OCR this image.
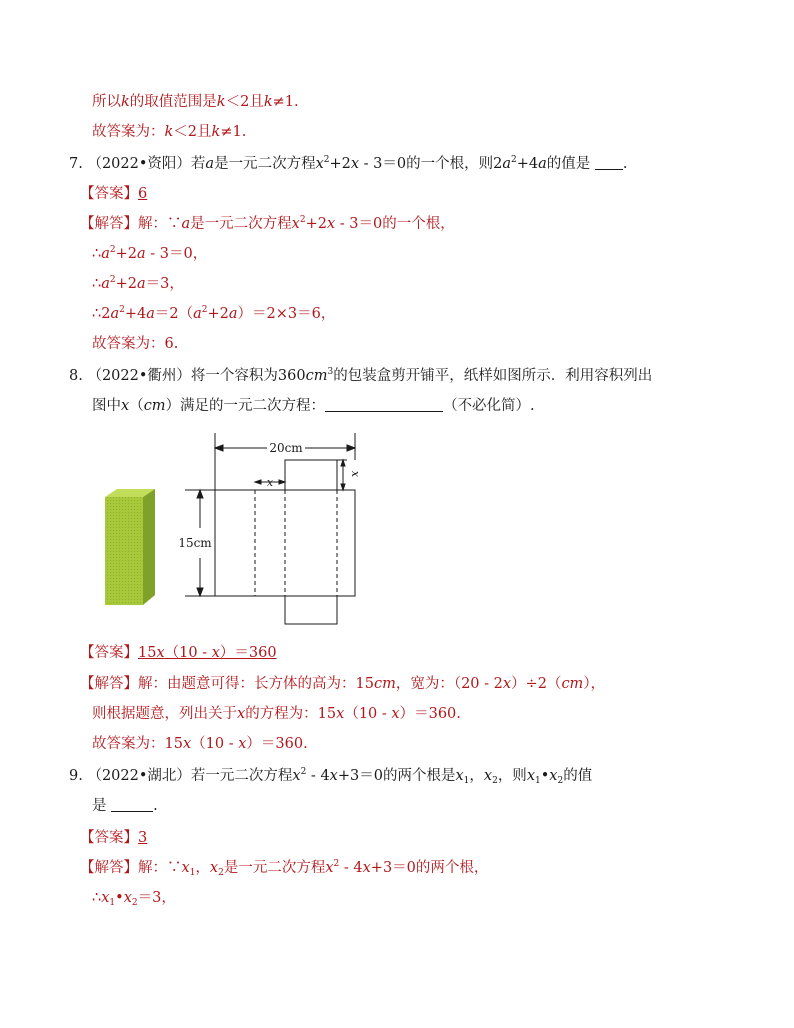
所以k的取值范围是k＜2且k≠1.
故答案为：k＜2且k≠1.
7. （2022•资阳）若a是一元二次方程$x^2+2x - 3=0$的一个根，则$2a^2+4a$的值是 .
【答案】6
【解答】解：∵a是一元二次方程$x^2+2x - 3=0$的一个根，
$\therefore a^2+2a - 3=0$，
$\therefore a^2+2a=3$，
$\therefore 2a^2+4a=2(a^2+2a)=2\times 3=6$，
故答案为：6.
8. （2022•衢州）将一个容积为$360cm^3$的包装盒剪开铺平，纸样如图所示．利用容积列出
图中x（cm）满足的一元二次方程：	（不必化简）.
20cm
x
x
15cm
【答案】15x（10 - x）＝360
【解答】解：由题意可得：长方体的高为：15cm，宽为：（20 - 2x）÷2（cm），
则根据题意，列出关于x的方程为：15x（10 - x）＝360.
故答案为：15x（10 - x）＝360.
9. （2022•湖北）若一元二次方程$x^2 - 4x+3=0$的两个根是$x_1$，$x_2$，则$x_1•x_2$的值
是	.
【答案】3
【解答】解：$\because x_1$，$x_2$是一元二次方程$x^2 - 4x+3=0$的两个根，
$\therefore x_1•x_2=3$，
